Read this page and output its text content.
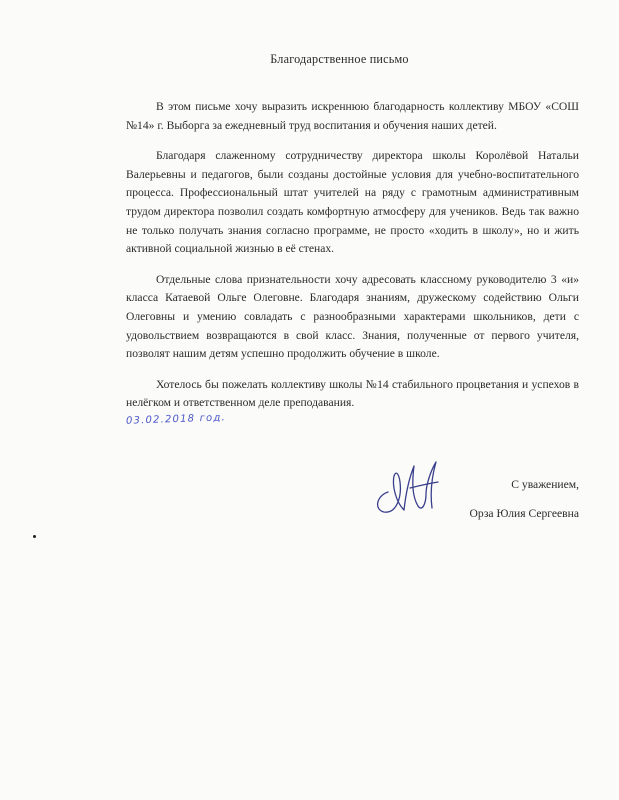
Благодарственное письмо

В этом письме хочу выразить искреннюю благодарность коллективу МБОУ «СОШ №14» г. Выборга за ежедневный труд воспитания и обучения наших детей.

Благодаря слаженному сотрудничеству директора школы Королёвой Натальи Валерьевны и педагогов, были созданы достойные условия для учебно-воспитательного процесса. Профессиональный штат учителей на ряду с грамотным административным трудом директора позволил создать комфортную атмосферу для учеников. Ведь так важно не только получать знания согласно программе, не просто «ходить в школу», но и жить активной социальной жизнью в её стенах.

Отдельные слова признательности хочу адресовать классному руководителю 3 «и» класса Катаевой Ольге Олеговне. Благодаря знаниям, дружескому содействию Ольги Олеговны и умению совладать с разнообразными характерами школьников, дети с удовольствием возвращаются в свой класс. Знания, полученные от первого учителя, позволят нашим детям успешно продолжить обучение в школе.

Хотелось бы пожелать коллективу школы №14 стабильного процветания и успехов в нелёгком и ответственном деле преподавания.

03.02.2018 год.
С уважением,
Орза Юлия Сергеевна
